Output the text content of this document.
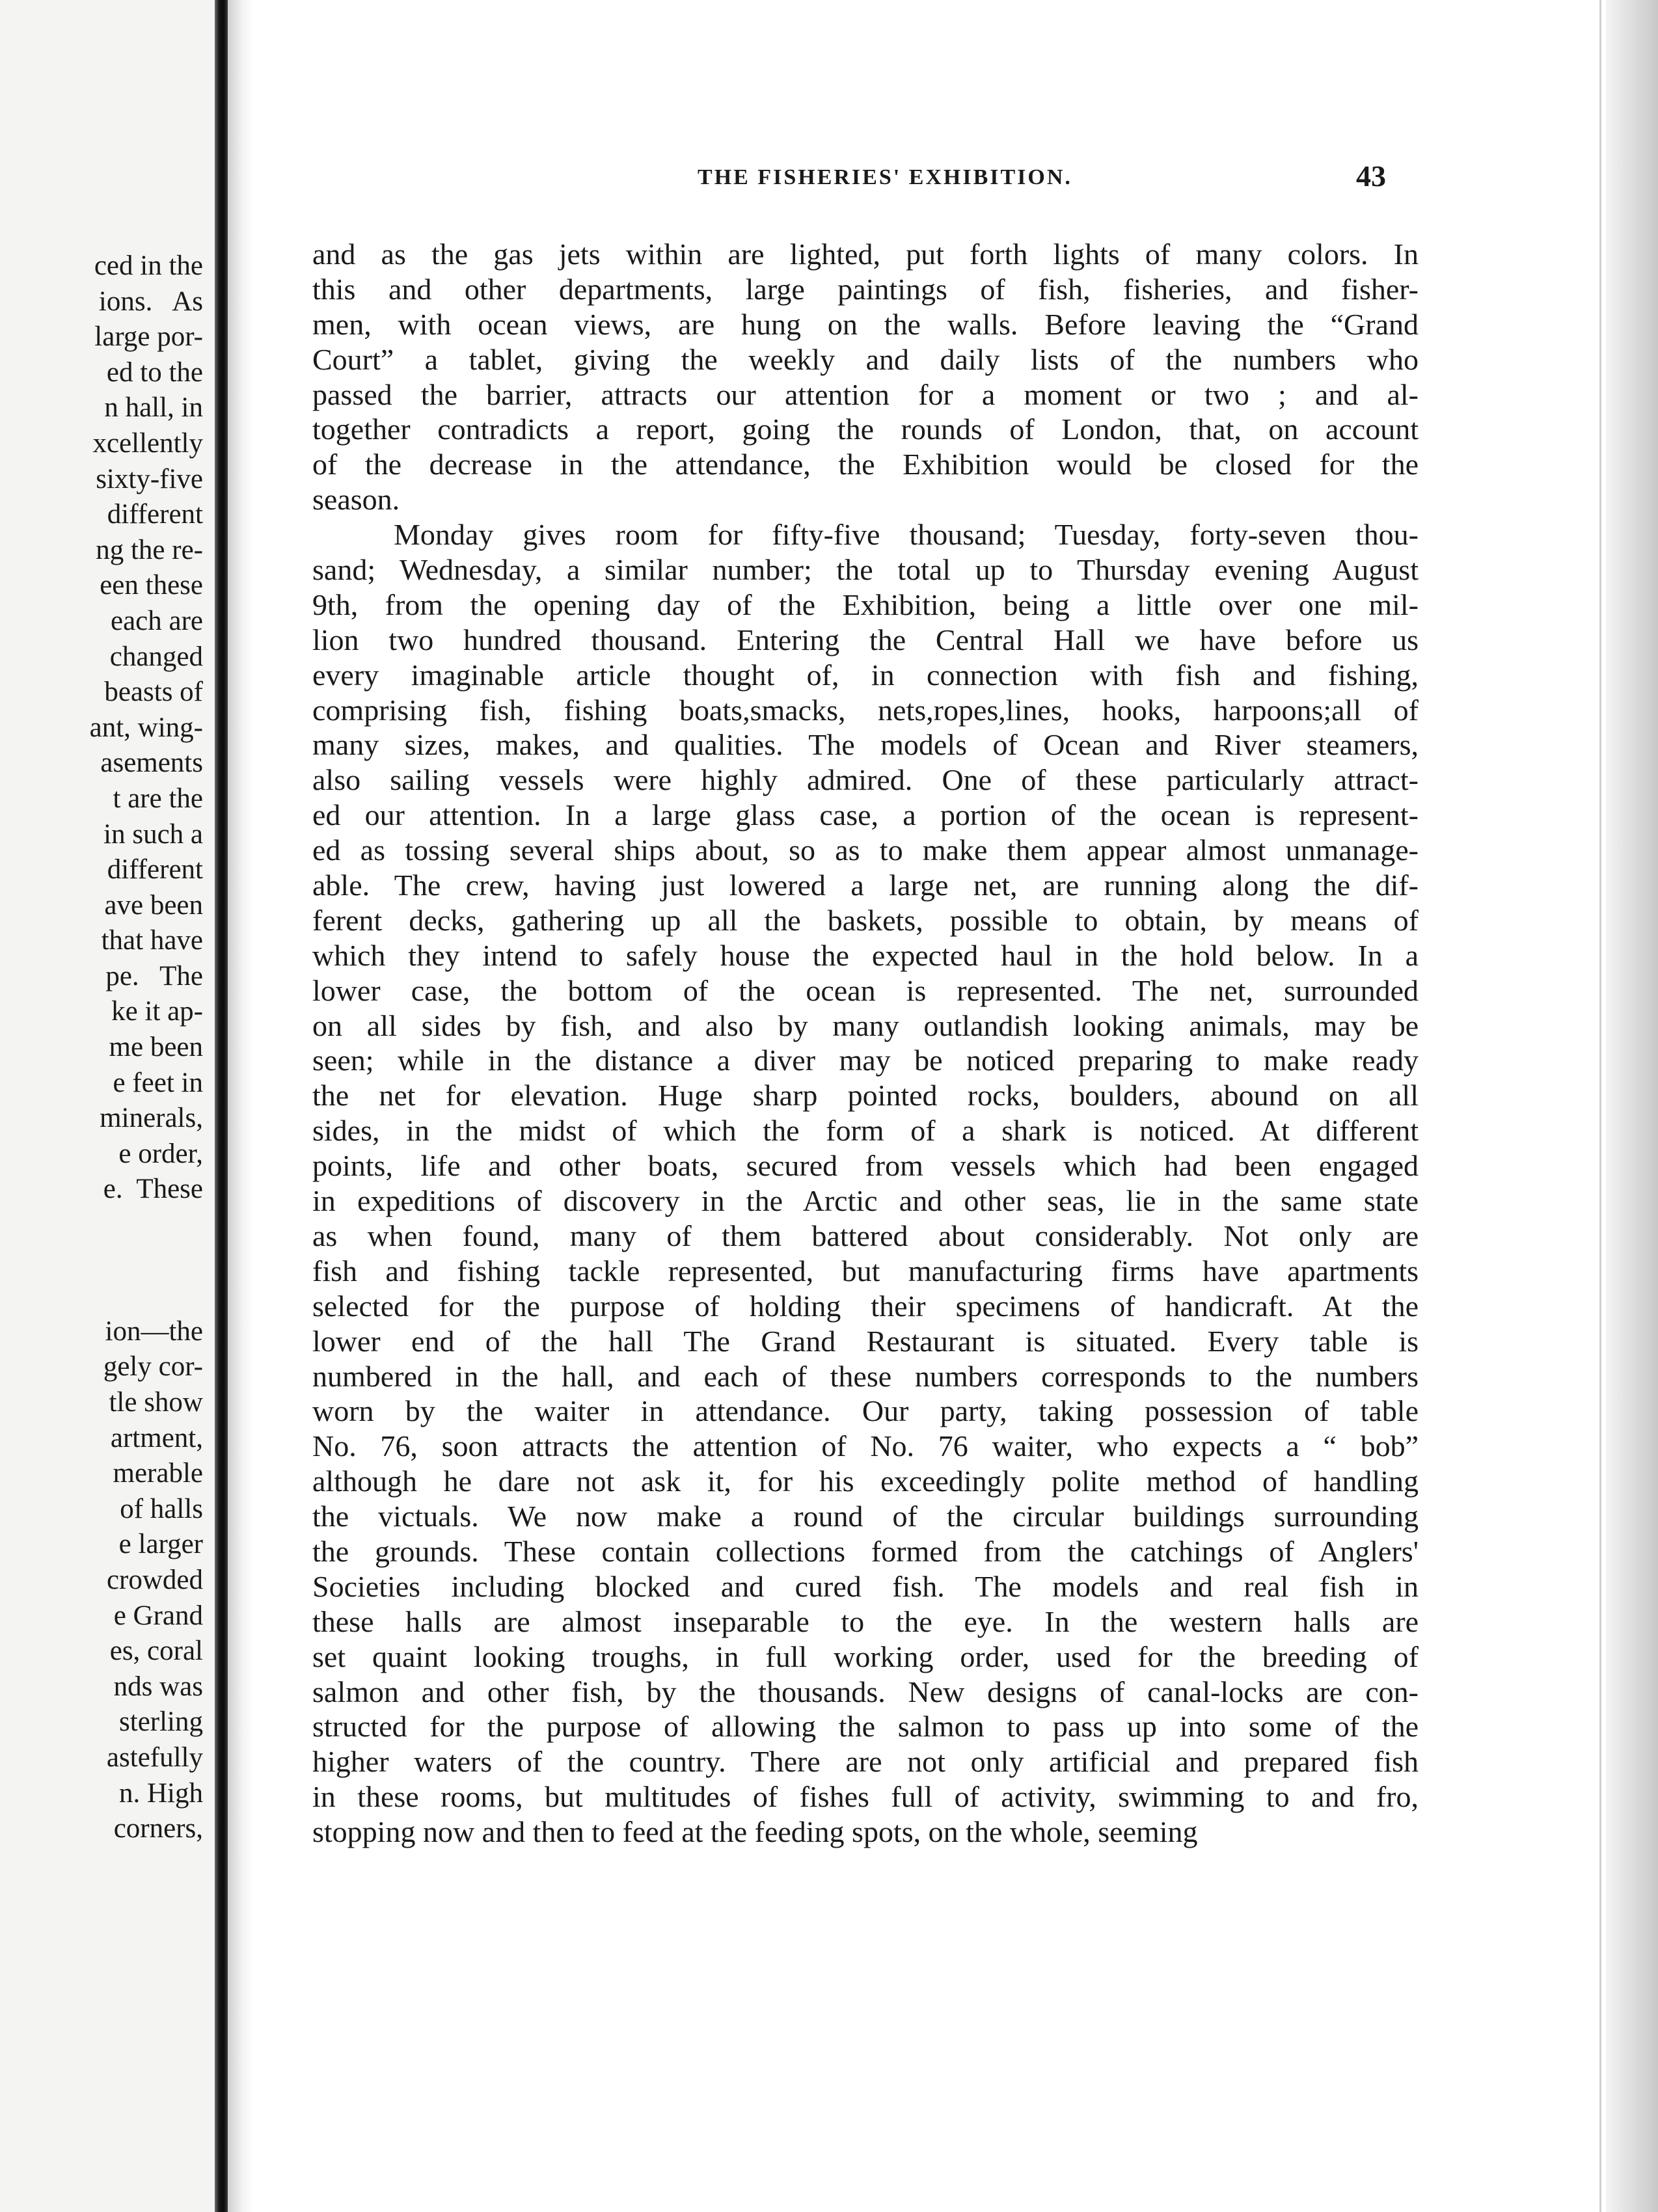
ced in the
ions.   As
large por-
ed to the
n hall, in
xcellently
sixty-five
different
ng the re-
een these
each are
changed
beasts of
ant, wing-
asements
t are the
in such a
different
ave been
that have
pe.   The
ke it ap-
me been
e feet in
minerals,
e order,
e.  These
ion—the
gely cor-
tle show
artment,
merable
of halls
e larger
crowded
e Grand
es, coral
nds was
sterling
astefully
n. High
corners,
THE FISHERIES' EXHIBITION.	43
and as the gas jets within are lighted, put forth lights of many colors. In
this and other departments, large paintings of fish, fisheries, and fisher-
men, with ocean views, are hung on the walls. Before leaving the “Grand
Court” a tablet, giving the weekly and daily lists of the numbers who
passed the barrier, attracts our attention for a moment or two ; and al-
together contradicts a report, going the rounds of London, that, on account
of the decrease in the attendance, the Exhibition would be closed for the
season.
Monday gives room for fifty-five thousand; Tuesday, forty-seven thou-
sand; Wednesday, a similar number; the total up to Thursday evening August
9th, from the opening day of the Exhibition, being a little over one mil-
lion two hundred thousand. Entering the Central Hall we have before us
every imaginable article thought of, in connection with fish and fishing,
comprising fish, fishing boats,smacks, nets,ropes,lines, hooks, harpoons;all of
many sizes, makes, and qualities. The models of Ocean and River steamers,
also sailing vessels were highly admired. One of these particularly attract-
ed our attention. In a large glass case, a portion of the ocean is represent-
ed as tossing several ships about, so as to make them appear almost unmanage-
able. The crew, having just lowered a large net, are running along the dif-
ferent decks, gathering up all the baskets, possible to obtain, by means of
which they intend to safely house the expected haul in the hold below. In a
lower case, the bottom of the ocean is represented. The net, surrounded
on all sides by fish, and also by many outlandish looking animals, may be
seen; while in the distance a diver may be noticed preparing to make ready
the net for elevation. Huge sharp pointed rocks, boulders, abound on all
sides, in the midst of which the form of a shark is noticed. At different
points, life and other boats, secured from vessels which had been engaged
in expeditions of discovery in the Arctic and other seas, lie in the same state
as when found, many of them battered about considerably. Not only are
fish and fishing tackle represented, but manufacturing firms have apartments
selected for the purpose of holding their specimens of handicraft. At the
lower end of the hall The Grand Restaurant is situated. Every table is
numbered in the hall, and each of these numbers corresponds to the numbers
worn by the waiter in attendance. Our party, taking possession of table
No. 76, soon attracts the attention of No. 76 waiter, who expects a “ bob”
although he dare not ask it, for his exceedingly polite method of handling
the victuals. We now make a round of the circular buildings surrounding
the grounds. These contain collections formed from the catchings of Anglers'
Societies including blocked and cured fish. The models and real fish in
these halls are almost inseparable to the eye. In the western halls are
set quaint looking troughs, in full working order, used for the breeding of
salmon and other fish, by the thousands. New designs of canal-locks are con-
structed for the purpose of allowing the salmon to pass up into some of the
higher waters of the country. There are not only artificial and prepared fish
in these rooms, but multitudes of fishes full of activity, swimming to and fro,
stopping now and then to feed at the feeding spots, on the whole, seeming
